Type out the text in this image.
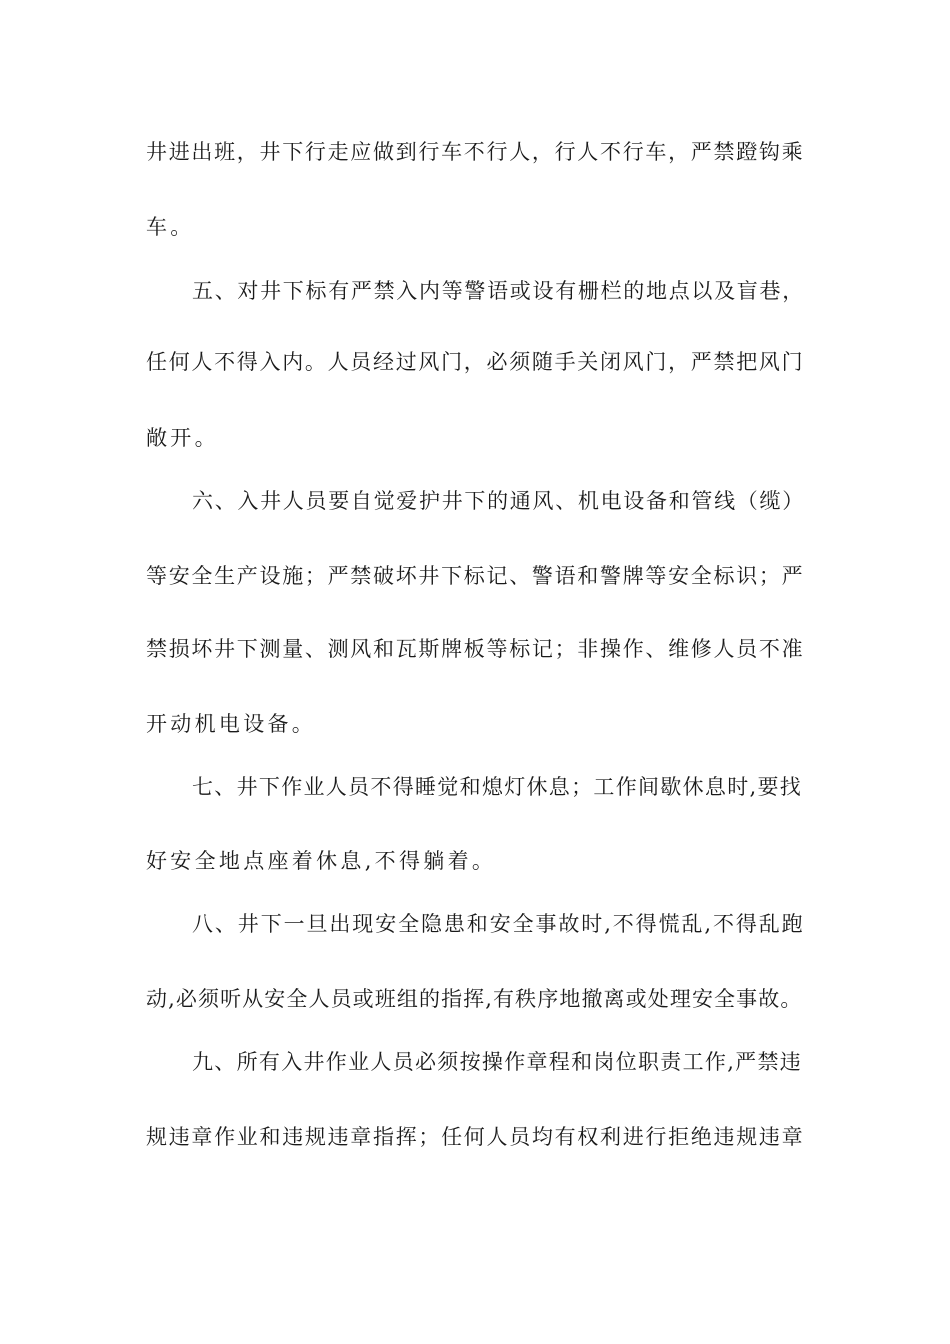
井进出班，井下行走应做到行车不行人，行人不行车，严禁蹬钩乘
车。
五、对井下标有严禁入内等警语或设有栅栏的地点以及盲巷，
任何人不得入内。人员经过风门，必须随手关闭风门，严禁把风门
敞开。
六、入井人员要自觉爱护井下的通风、机电设备和管线（缆）
等安全生产设施；严禁破坏井下标记、警语和警牌等安全标识；严
禁损坏井下测量、测风和瓦斯牌板等标记；非操作、维修人员不准
开动机电设备。
七、井下作业人员不得睡觉和熄灯休息；工作间歇休息时,要找
好安全地点座着休息,不得躺着。
八、井下一旦出现安全隐患和安全事故时,不得慌乱,不得乱跑
动,必须听从安全人员或班组的指挥,有秩序地撤离或处理安全事故。
九、所有入井作业人员必须按操作章程和岗位职责工作,严禁违
规违章作业和违规违章指挥；任何人员均有权利进行拒绝违规违章
